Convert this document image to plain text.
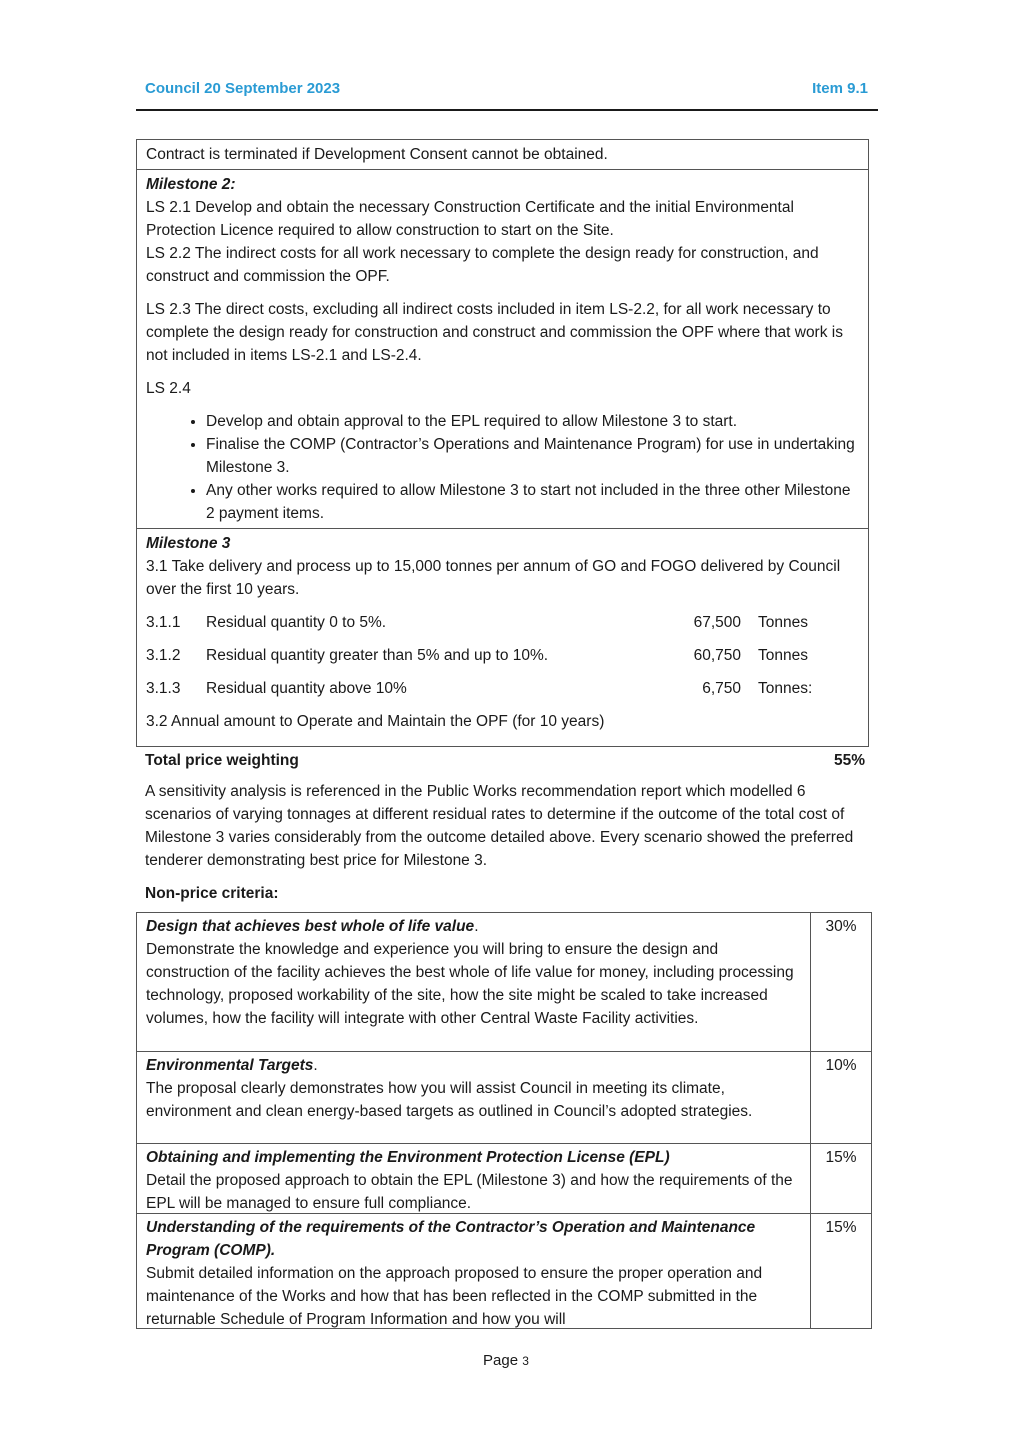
Council 20 September 2023	Item 9.1

Contract is terminated if Development Consent cannot be obtained.

Milestone 2:

LS 2.1 Develop and obtain the necessary Construction Certificate and the initial Environmental Protection Licence required to allow construction to start on the Site.

LS 2.2 The indirect costs for all work necessary to complete the design ready for construction, and construct and commission the OPF.

LS 2.3 The direct costs, excluding all indirect costs included in item LS-2.2, for all work necessary to complete the design ready for construction and construct and commission the OPF where that work is not included in items LS-2.1 and LS-2.4.

LS 2.4

• Develop and obtain approval to the EPL required to allow Milestone 3 to start.
• Finalise the COMP (Contractor’s Operations and Maintenance Program) for use in undertaking Milestone 3.
• Any other works required to allow Milestone 3 to start not included in the three other Milestone 2 payment items.

Milestone 3

3.1 Take delivery and process up to 15,000 tonnes per annum of GO and FOGO delivered by Council over the first 10 years.

3.1.1	Residual quantity 0 to 5%.	67,500	Tonnes
3.1.2	Residual quantity greater than 5% and up to 10%.	60,750	Tonnes
3.1.3	Residual quantity above 10%	6,750	Tonnes:

3.2 Annual amount to Operate and Maintain the OPF (for 10 years)

Total price weighting	55%

A sensitivity analysis is referenced in the Public Works recommendation report which modelled 6 scenarios of varying tonnages at different residual rates to determine if the outcome of the total cost of Milestone 3 varies considerably from the outcome detailed above. Every scenario showed the preferred tenderer demonstrating best price for Milestone 3.

Non-price criteria:

Design that achieves best whole of life value.

Demonstrate the knowledge and experience you will bring to ensure the design and construction of the facility achieves the best whole of life value for money, including processing technology, proposed workability of the site, how the site might be scaled to take increased volumes, how the facility will integrate with other Central Waste Facility activities.

30%
Environmental Targets.

The proposal clearly demonstrates how you will assist Council in meeting its climate, environment and clean energy-based targets as outlined in Council’s adopted strategies.

10%
Obtaining and implementing the Environment Protection License (EPL)

Detail the proposed approach to obtain the EPL (Milestone 3) and how the requirements of the EPL will be managed to ensure full compliance.

15%
Understanding of the requirements of the Contractor’s Operation and Maintenance Program (COMP).

Submit detailed information on the approach proposed to ensure the proper operation and maintenance of the Works and how that has been reflected in the COMP submitted in the returnable Schedule of Program Information and how you will

15%
Page 3
